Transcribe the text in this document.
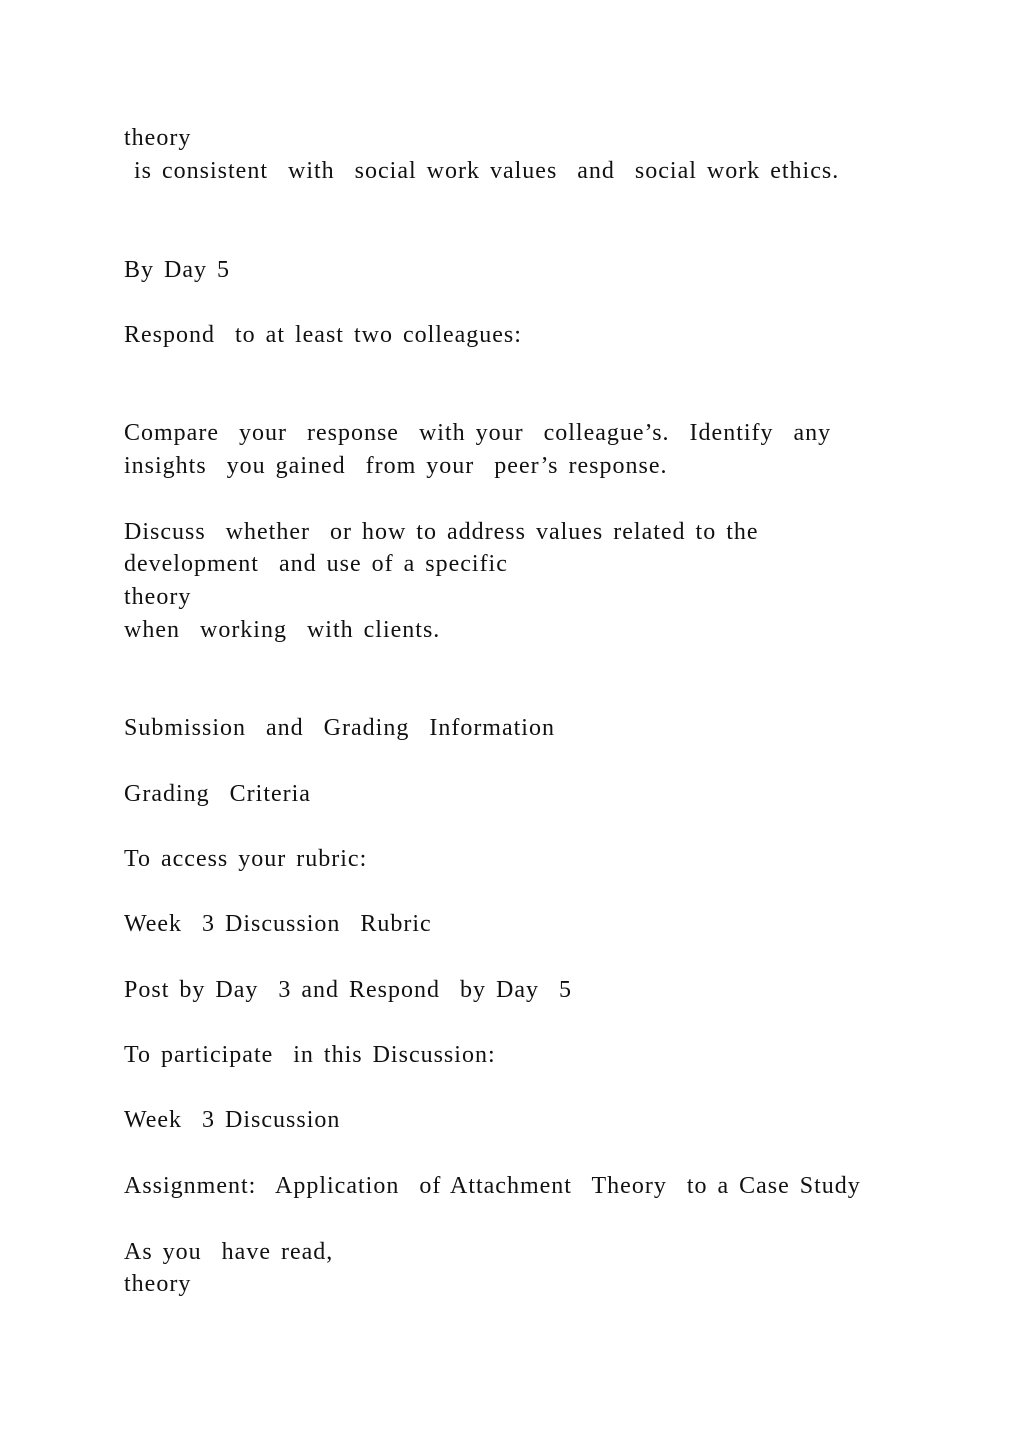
theory

is consistent  with  social work values  and  social work ethics.

By Day 5

Respond  to at least two colleagues:

Compare  your  response  with your  colleague’s.  Identify  any

insights  you gained  from your  peer’s response.

Discuss  whether  or how to address values related to the

development  and use of a specific

theory

when  working  with clients.

Submission  and  Grading  Information

Grading  Criteria

To access your rubric:

Week  3 Discussion  Rubric

Post by Day  3 and Respond  by Day  5

To participate  in this Discussion:

Week  3 Discussion

Assignment:  Application  of Attachment  Theory  to a Case Study

As you  have read,

theory
